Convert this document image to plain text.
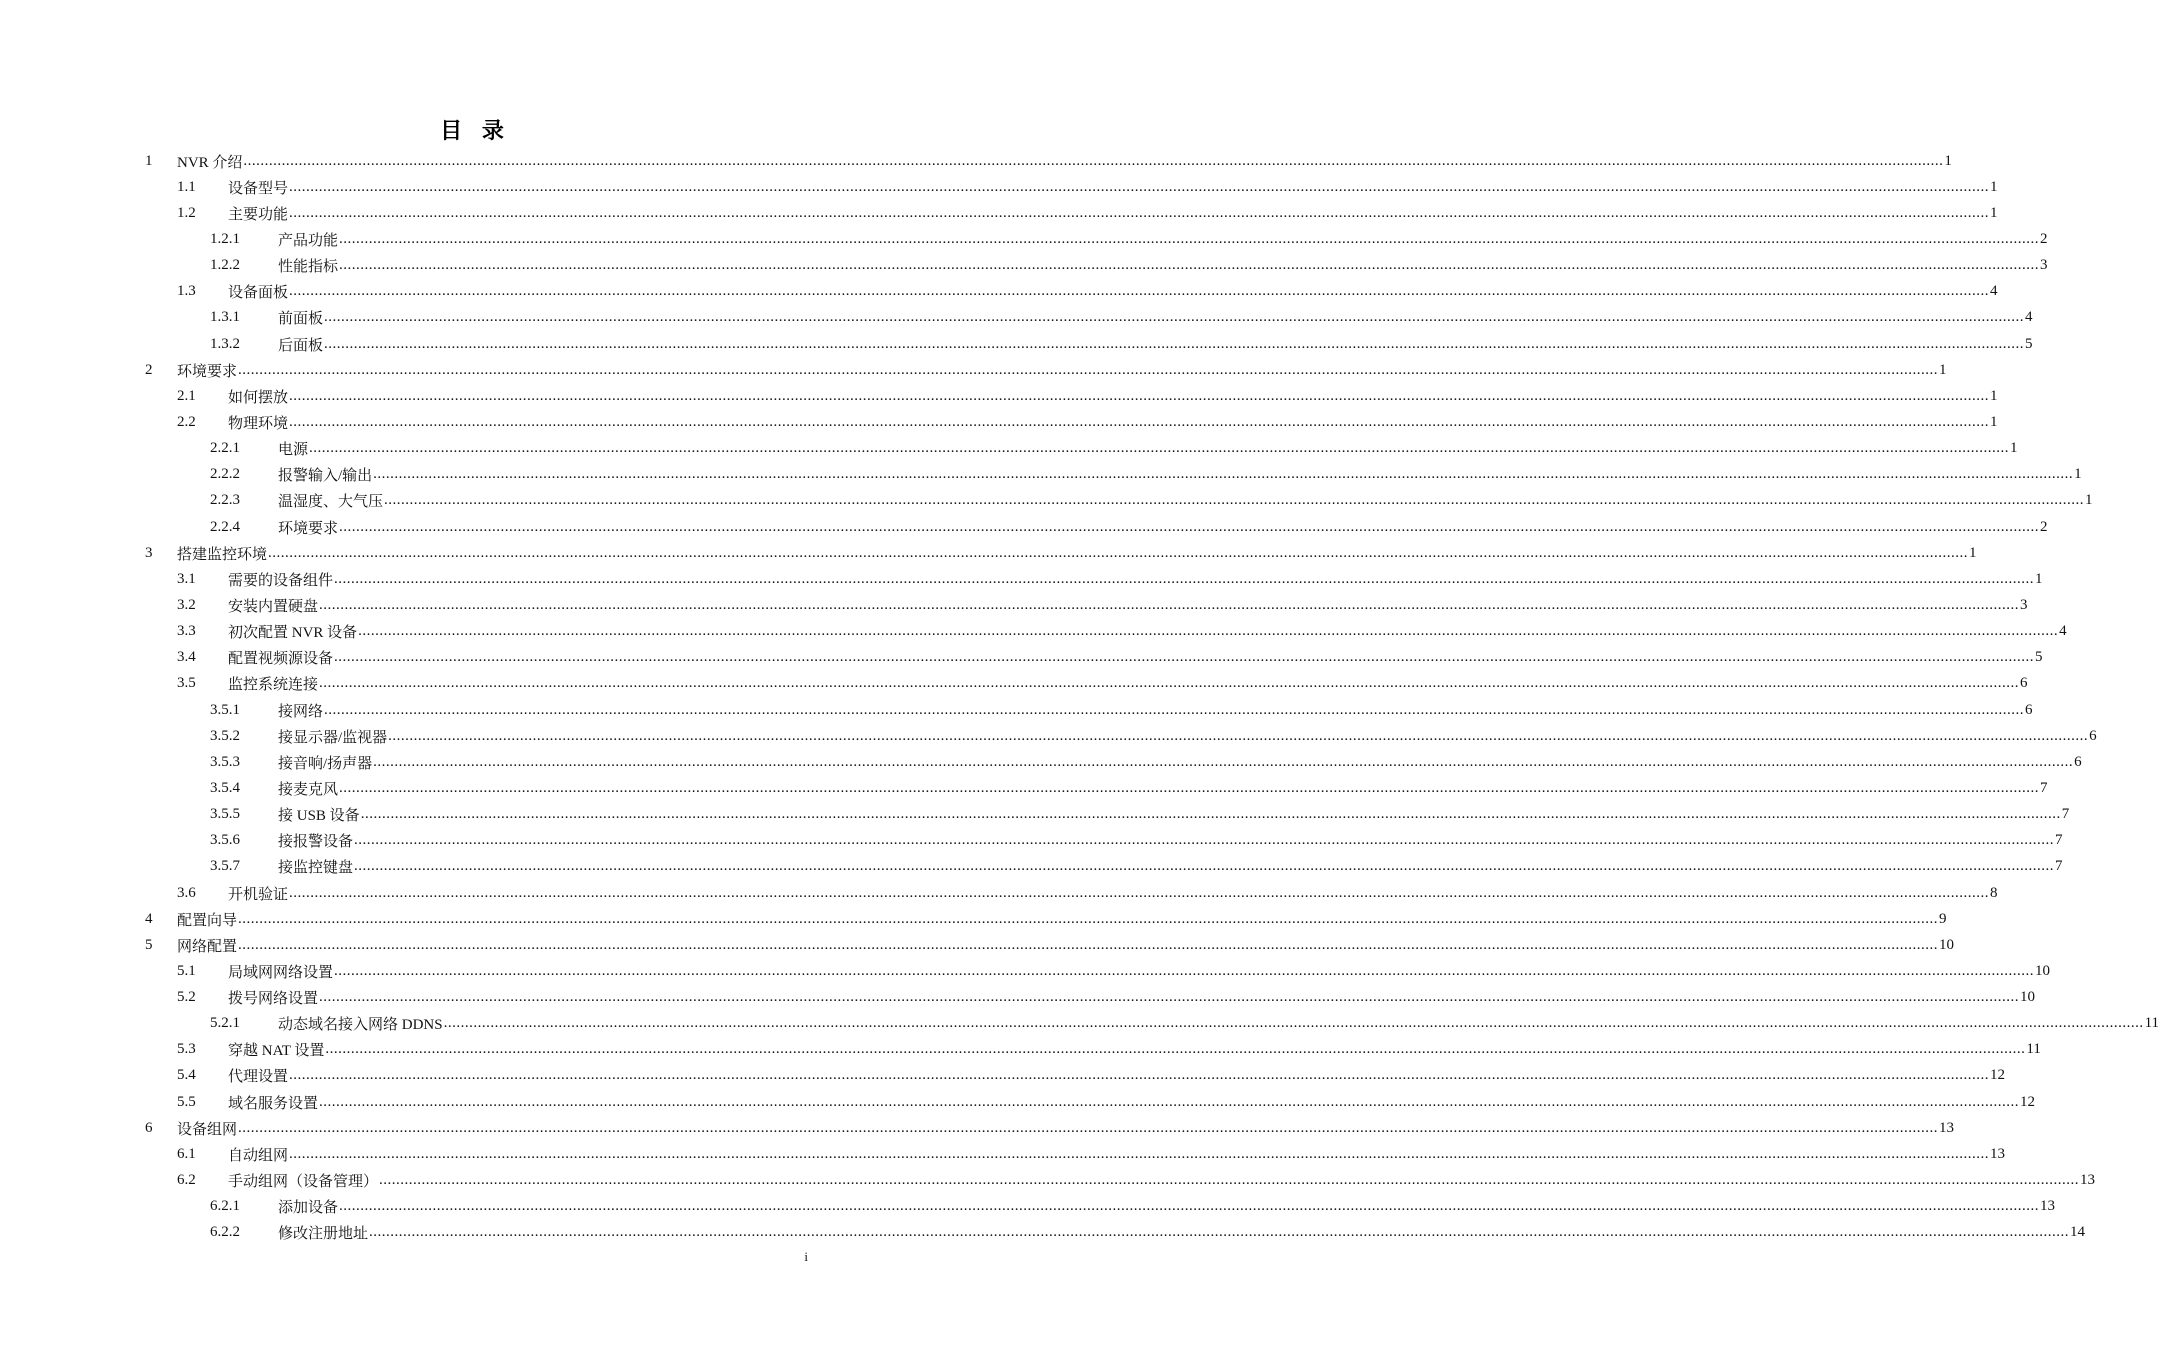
目 录
1 NVR 介绍 ................................................................................................................................................................................................................................................................................................................................................................................................................ 1
1.1 设备型号 ................................................................................................................................................................................................................................................................................................................................................................................................................ 1
1.2 主要功能 ................................................................................................................................................................................................................................................................................................................................................................................................................ 1
1.2.1	产品功能 ................................................................................................................................................................................................................................................................................................................................................................................................................ 2
1.2.2	性能指标 ................................................................................................................................................................................................................................................................................................................................................................................................................ 3
1.3 设备面板 ................................................................................................................................................................................................................................................................................................................................................................................................................ 4
1.3.1	前面板 ................................................................................................................................................................................................................................................................................................................................................................................................................ 4
1.3.2	后面板 ................................................................................................................................................................................................................................................................................................................................................................................................................ 5
2 环境要求 ................................................................................................................................................................................................................................................................................................................................................................................................................ 1
2.1 如何摆放 ................................................................................................................................................................................................................................................................................................................................................................................................................ 1
2.2 物理环境 ................................................................................................................................................................................................................................................................................................................................................................................................................ 1
2.2.1	电源 ................................................................................................................................................................................................................................................................................................................................................................................................................ 1
2.2.2	报警输入/输出 ................................................................................................................................................................................................................................................................................................................................................................................................................ 1
2.2.3	温湿度、大气压 ................................................................................................................................................................................................................................................................................................................................................................................................................ 1
2.2.4	环境要求 ................................................................................................................................................................................................................................................................................................................................................................................................................ 2
3 搭建监控环境 ................................................................................................................................................................................................................................................................................................................................................................................................................ 1
3.1 需要的设备组件 ................................................................................................................................................................................................................................................................................................................................................................................................................ 1
3.2 安装内置硬盘 ................................................................................................................................................................................................................................................................................................................................................................................................................ 3
3.3 初次配置 NVR 设备 ................................................................................................................................................................................................................................................................................................................................................................................................................ 4
3.4 配置视频源设备 ................................................................................................................................................................................................................................................................................................................................................................................................................ 5
3.5 监控系统连接 ................................................................................................................................................................................................................................................................................................................................................................................................................ 6
3.5.1	接网络 ................................................................................................................................................................................................................................................................................................................................................................................................................ 6
3.5.2	接显示器/监视器 ................................................................................................................................................................................................................................................................................................................................................................................................................ 6
3.5.3	接音响/扬声器 ................................................................................................................................................................................................................................................................................................................................................................................................................ 6
3.5.4	接麦克风 ................................................................................................................................................................................................................................................................................................................................................................................................................ 7
3.5.5	接 USB 设备 ................................................................................................................................................................................................................................................................................................................................................................................................................ 7
3.5.6	接报警设备 ................................................................................................................................................................................................................................................................................................................................................................................................................ 7
3.5.7	接监控键盘 ................................................................................................................................................................................................................................................................................................................................................................................................................ 7
3.6 开机验证 ................................................................................................................................................................................................................................................................................................................................................................................................................ 8
4 配置向导 ................................................................................................................................................................................................................................................................................................................................................................................................................ 9
5 网络配置 ................................................................................................................................................................................................................................................................................................................................................................................................................ 10
5.1 局域网网络设置 ................................................................................................................................................................................................................................................................................................................................................................................................................ 10
5.2 拨号网络设置 ................................................................................................................................................................................................................................................................................................................................................................................................................ 10
5.2.1	动态域名接入网络 DDNS ................................................................................................................................................................................................................................................................................................................................................................................................................ 11
5.3 穿越 NAT 设置 ................................................................................................................................................................................................................................................................................................................................................................................................................ 11
5.4 代理设置 ................................................................................................................................................................................................................................................................................................................................................................................................................ 12
5.5 域名服务设置 ................................................................................................................................................................................................................................................................................................................................................................................................................ 12
6 设备组网 ................................................................................................................................................................................................................................................................................................................................................................................................................ 13
6.1 自动组网 ................................................................................................................................................................................................................................................................................................................................................................................................................ 13
6.2 手动组网（设备管理） ................................................................................................................................................................................................................................................................................................................................................................................................................ 13
6.2.1	添加设备 ................................................................................................................................................................................................................................................................................................................................................................................................................ 13
6.2.2	修改注册地址 ................................................................................................................................................................................................................................................................................................................................................................................................................ 14
i
